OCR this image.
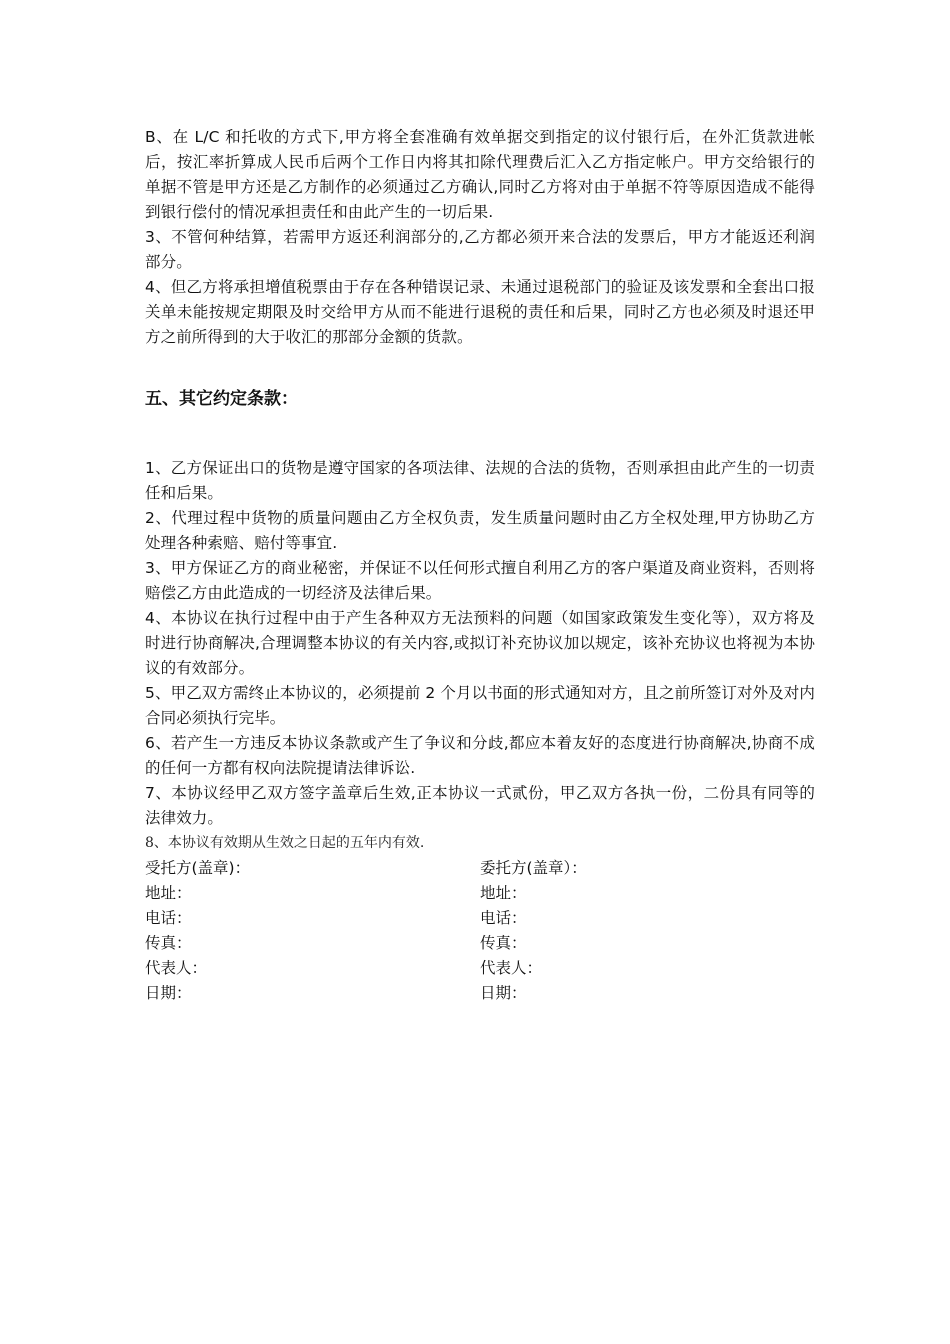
B、在 L/C 和托收的方式下,甲方将全套准确有效单据交到指定的议付银行后，在外汇货款进帐后，按汇率折算成人民币后两个工作日内将其扣除代理费后汇入乙方指定帐户。甲方交给银行的单据不管是甲方还是乙方制作的必须通过乙方确认,同时乙方将对由于单据不符等原因造成不能得到银行偿付的情况承担责任和由此产生的一切后果.

3、不管何种结算，若需甲方返还利润部分的,乙方都必须开来合法的发票后，甲方才能返还利润部分。

4、但乙方将承担增值税票由于存在各种错误记录、未通过退税部门的验证及该发票和全套出口报关单未能按规定期限及时交给甲方从而不能进行退税的责任和后果，同时乙方也必须及时退还甲方之前所得到的大于收汇的那部分金额的货款。

五、其它约定条款：

1、乙方保证出口的货物是遵守国家的各项法律、法规的合法的货物，否则承担由此产生的一切责任和后果。

2、代理过程中货物的质量问题由乙方全权负责，发生质量问题时由乙方全权处理,甲方协助乙方处理各种索赔、赔付等事宜.

3、甲方保证乙方的商业秘密，并保证不以任何形式擅自利用乙方的客户渠道及商业资料，否则将赔偿乙方由此造成的一切经济及法律后果。

4、本协议在执行过程中由于产生各种双方无法预料的问题（如国家政策发生变化等），双方将及时进行协商解决,合理调整本协议的有关内容,或拟订补充协议加以规定，该补充协议也将视为本协议的有效部分。

5、甲乙双方需终止本协议的，必须提前 2 个月以书面的形式通知对方，且之前所签订对外及对内合同必须执行完毕。

6、若产生一方违反本协议条款或产生了争议和分歧,都应本着友好的态度进行协商解决,协商不成的任何一方都有权向法院提请法律诉讼.

7、本协议经甲乙双方签字盖章后生效,正本协议一式贰份，甲乙双方各执一份，二份具有同等的法律效力。

8、本协议有效期从生效之日起的五年内有效.

受托方(盖章)：
地址：
电话：
传真：
代表人：
日期：
委托方(盖章）：
地址：
电话：
传真：
代表人：
日期：
